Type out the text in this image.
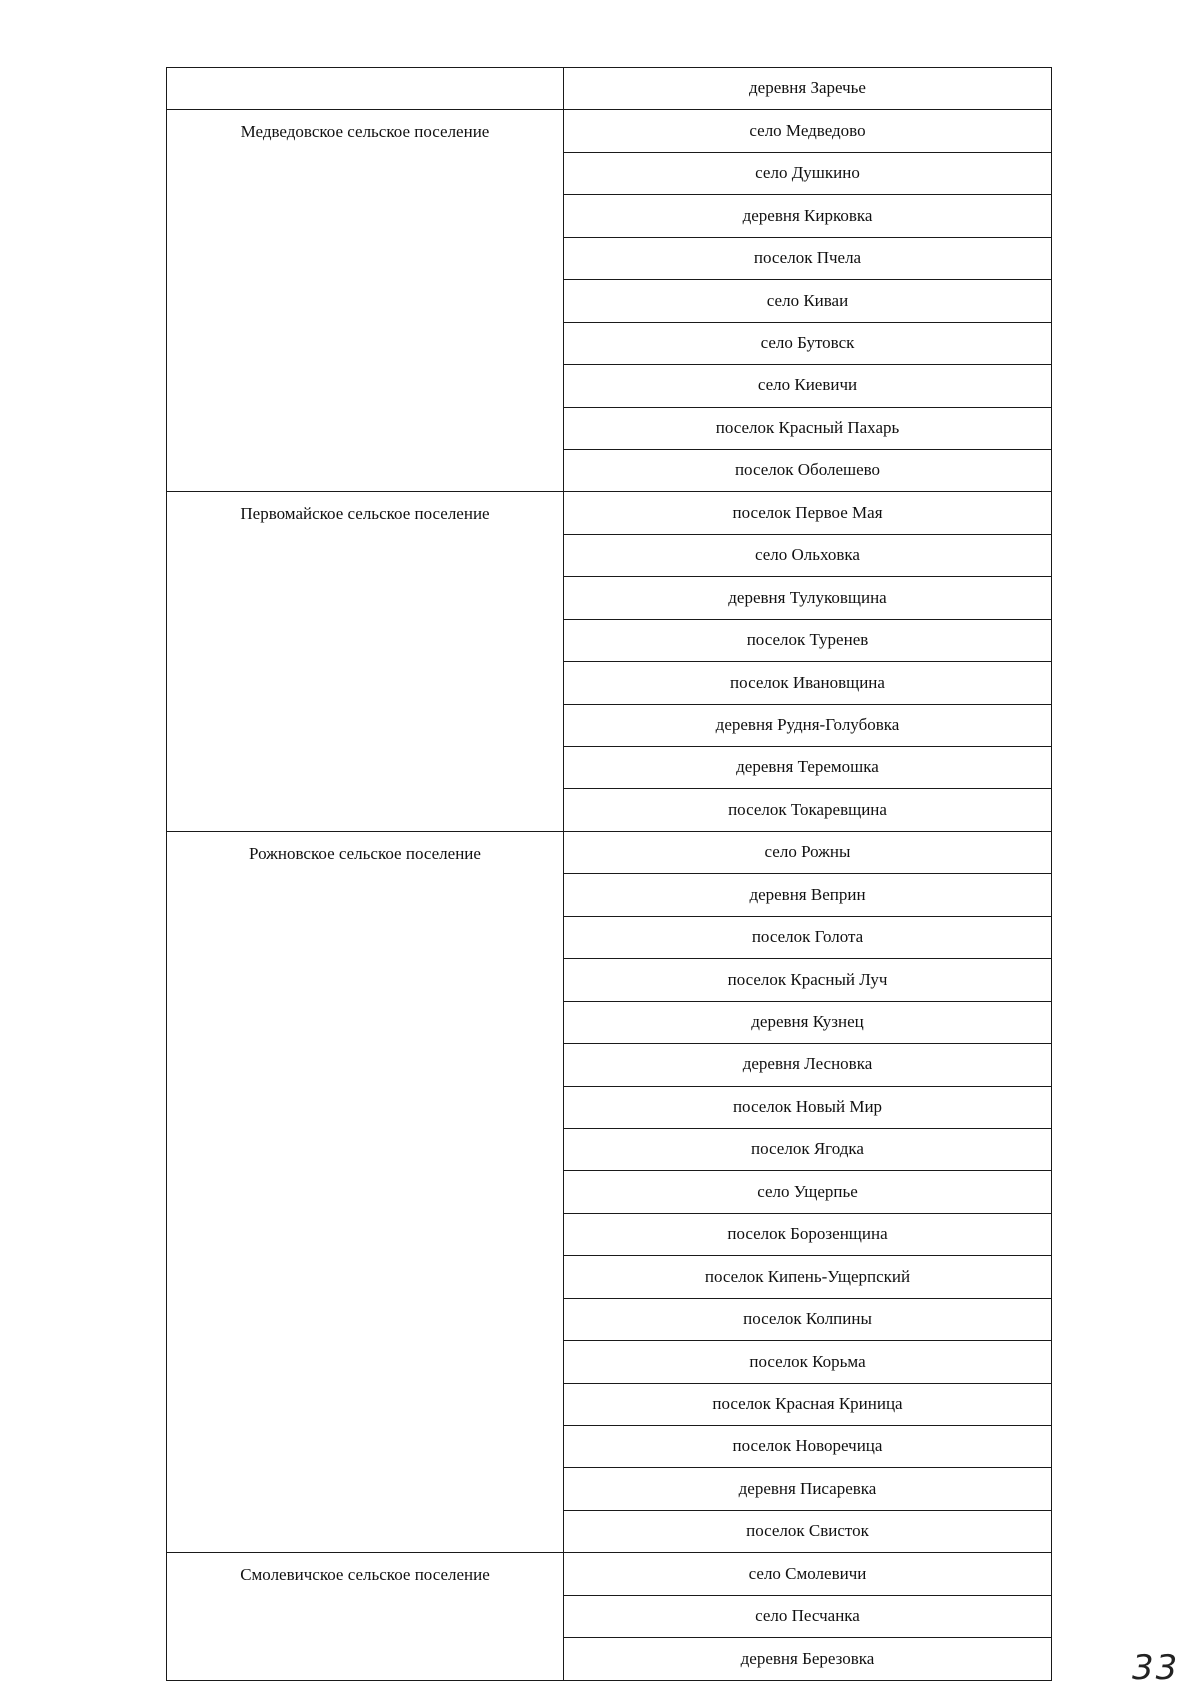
	деревня Заречье
Медведовское сельское поселение	село Медведово
	село Душкино
	деревня Кирковка
	поселок Пчела
	село Киваи
	село Бутовск
	село Киевичи
	поселок Красный Пахарь
	поселок Оболешево
Первомайское сельское поселение	поселок Первое Мая
	село Ольховка
	деревня Тулуковщина
	поселок Туренев
	поселок Ивановщина
	деревня Рудня-Голубовка
	деревня Теремошка
	поселок Токаревщина
Рожновское сельское поселение	село Рожны
	деревня Веприн
	поселок Голота
	поселок Красный Луч
	деревня Кузнец
	деревня Лесновка
	поселок Новый Мир
	поселок Ягодка
	село Ущерпье
	поселок Борозенщина
	поселок Кипень-Ущерпский
	поселок Колпины
	поселок Корьма
	поселок Красная Криница
	поселок Новоречица
	деревня Писаревка
	поселок Свисток
Смолевичское сельское поселение	село Смолевичи
	село Песчанка
	деревня Березовка	33
